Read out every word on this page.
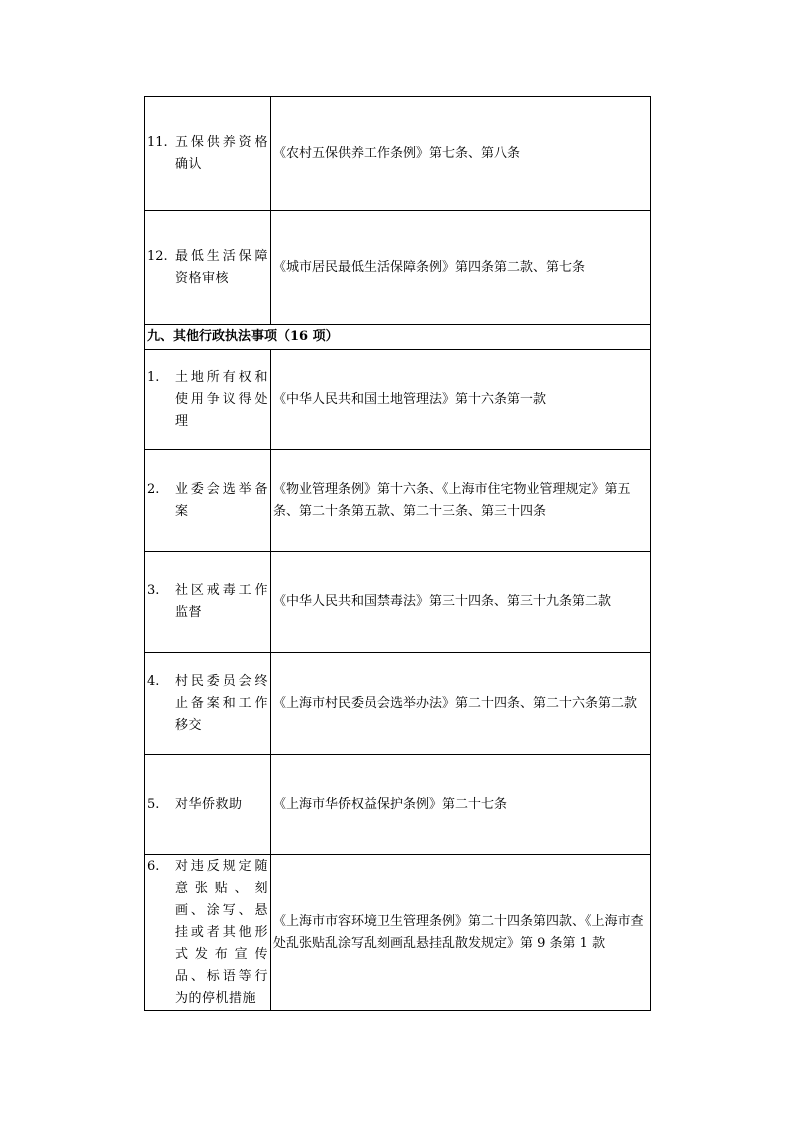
11. 五保供养资格确认	《农村五保供养工作条例》第七条、第八条

12. 最低生活保障资格审核	《城市居民最低生活保障条例》第四条第二款、第七条

九、其他行政执法事项（16 项）	

1. 土地所有权和使用争议得处理	《中华人民共和国土地管理法》第十六条第一款

2. 业委会选举备案	《物业管理条例》第十六条、《上海市住宅物业管理规定》第五条、第二十条第五款、第二十三条、第三十四条

3. 社区戒毒工作监督	《中华人民共和国禁毒法》第三十四条、第三十九条第二款

4. 村民委员会终止备案和工作移交	《上海市村民委员会选举办法》第二十四条、第二十六条第二款

5. 对华侨救助	《上海市华侨权益保护条例》第二十七条

6. 对违反规定随意张贴、刻画、涂写、悬挂或者其他形式发布宣传品、标语等行为的停机措施	《上海市市容环境卫生管理条例》第二十四条第四款、《上海市查处乱张贴乱涂写乱刻画乱悬挂乱散发规定》第 9 条第 1 款
